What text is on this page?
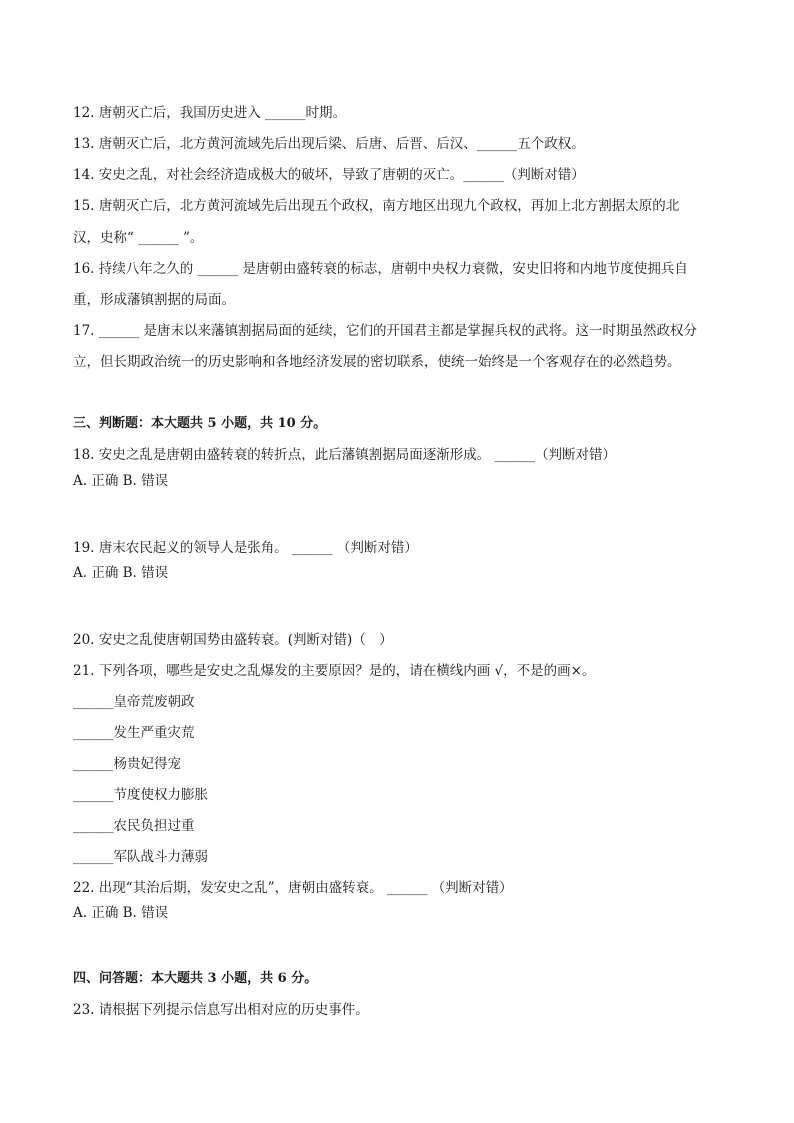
12. 唐朝灭亡后，我国历史进入 ______时期。
13. 唐朝灭亡后，北方黄河流域先后出现后梁、后唐、后晋、后汉、______五个政权。
14. 安史之乱，对社会经济造成极大的破坏，导致了唐朝的灭亡。______（判断对错）
15. 唐朝灭亡后，北方黄河流域先后出现五个政权，南方地区出现九个政权，再加上北方割据太原的北
汉，史称“ ______ ”。
16. 持续八年之久的 ______ 是唐朝由盛转衰的标志，唐朝中央权力衰微，安史旧将和内地节度使拥兵自
重，形成藩镇割据的局面。
17. ______ 是唐末以来藩镇割据局面的延续，它们的开国君主都是掌握兵权的武将。这一时期虽然政权分
立，但长期政治统一的历史影响和各地经济发展的密切联系，使统一始终是一个客观存在的必然趋势。
三、判断题：本大题共 5 小题，共 10 分。
18. 安史之乱是唐朝由盛转衰的转折点，此后藩镇割据局面逐渐形成。 ______（判断对错）
A. 正确 B. 错误
19. 唐末农民起义的领导人是张角。 ______ （判断对错）
A. 正确 B. 错误
20. 安史之乱使唐朝国势由盛转衰。(判断对错)（　）
21. 下列各项，哪些是安史之乱爆发的主要原因？是的，请在横线内画 √，不是的画×。
______皇帝荒废朝政
______发生严重灾荒
______杨贵妃得宠
______节度使权力膨胀
______农民负担过重
______军队战斗力薄弱
22. 出现“其治后期，发安史之乱”，唐朝由盛转衰。 ______ （判断对错）
A. 正确 B. 错误
四、问答题：本大题共 3 小题，共 6 分。
23. 请根据下列提示信息写出相对应的历史事件。
